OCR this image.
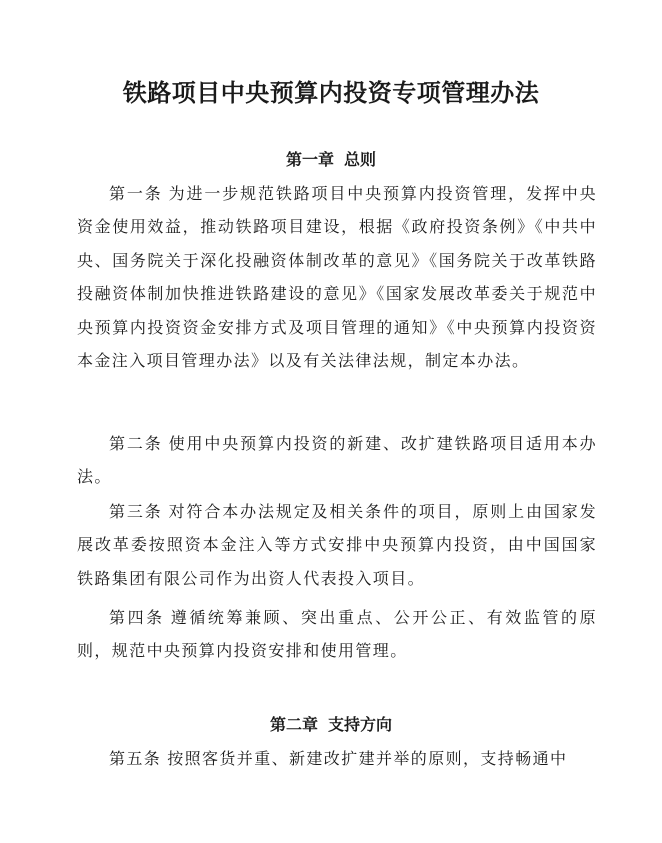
铁路项目中央预算内投资专项管理办法
第一章 总则

第一条 为进一步规范铁路项目中央预算内投资管理，发挥中央资金使用效益，推动铁路项目建设，根据《政府投资条例》《中共中央、国务院关于深化投融资体制改革的意见》《国务院关于改革铁路投融资体制加快推进铁路建设的意见》《国家发展改革委关于规范中央预算内投资资金安排方式及项目管理的通知》《中央预算内投资资本金注入项目管理办法》以及有关法律法规，制定本办法。

第二条 使用中央预算内投资的新建、改扩建铁路项目适用本办法。

第三条 对符合本办法规定及相关条件的项目，原则上由国家发展改革委按照资本金注入等方式安排中央预算内投资，由中国国家铁路集团有限公司作为出资人代表投入项目。

第四条 遵循统筹兼顾、突出重点、公开公正、有效监管的原则，规范中央预算内投资安排和使用管理。

第二章 支持方向

第五条 按照客货并重、新建改扩建并举的原则，支持畅通中
